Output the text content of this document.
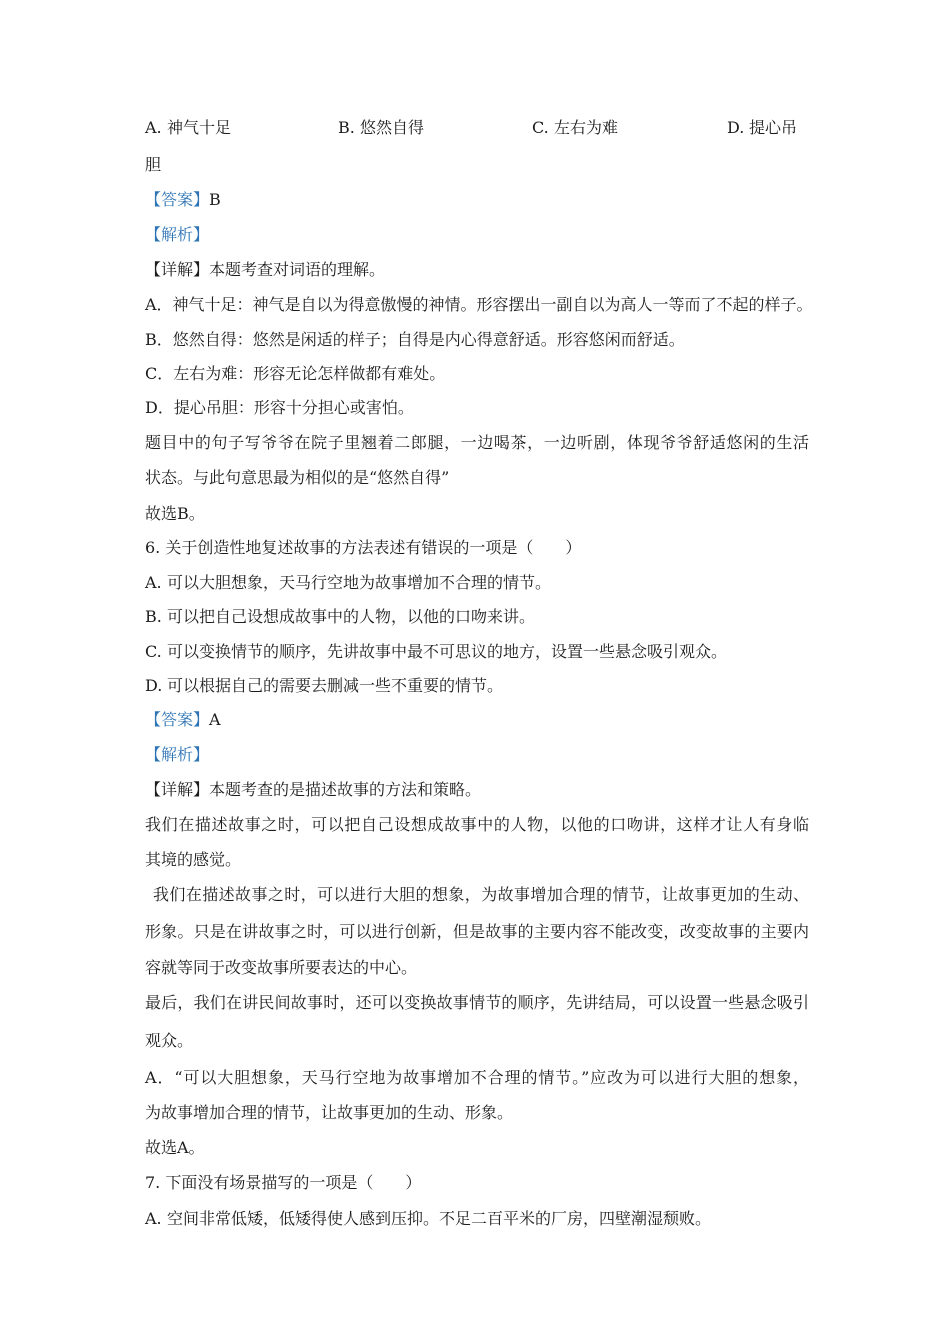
A. 神气十足	B. 悠然自得	C. 左右为难	D. 提心吊
胆
【答案】B
【解析】
【详解】本题考查对词语的理解。
A．神气十足：神气是自以为得意傲慢的神情。形容摆出一副自以为高人一等而了不起的样子。
B．悠然自得：悠然是闲适的样子；自得是内心得意舒适。形容悠闲而舒适。
C．左右为难：形容无论怎样做都有难处。
D．提心吊胆：形容十分担心或害怕。
题目中的句子写爷爷在院子里翘着二郎腿，一边喝茶，一边听剧，体现爷爷舒适悠闲的生活
状态。与此句意思最为相似的是“悠然自得”
故选B。
6. 关于创造性地复述故事的方法表述有错误的一项是（　　）
A. 可以大胆想象，天马行空地为故事增加不合理的情节。
B. 可以把自己设想成故事中的人物，以他的口吻来讲。
C. 可以变换情节的顺序，先讲故事中最不可思议的地方，设置一些悬念吸引观众。
D. 可以根据自己的需要去删减一些不重要的情节。
【答案】A
【解析】
【详解】本题考查的是描述故事的方法和策略。
我们在描述故事之时，可以把自己设想成故事中的人物，以他的口吻讲，这样才让人有身临
其境的感觉。
我们在描述故事之时，可以进行大胆的想象，为故事增加合理的情节，让故事更加的生动、
形象。只是在讲故事之时，可以进行创新，但是故事的主要内容不能改变，改变故事的主要内
容就等同于改变故事所要表达的中心。
最后，我们在讲民间故事时，还可以变换故事情节的顺序，先讲结局，可以设置一些悬念吸引
观众。
A．“可以大胆想象，天马行空地为故事增加不合理的情节。”应改为可以进行大胆的想象，
为故事增加合理的情节，让故事更加的生动、形象。
故选A。
7. 下面没有场景描写的一项是（　　）
A. 空间非常低矮，低矮得使人感到压抑。不足二百平米的厂房，四壁潮湿颓败。
